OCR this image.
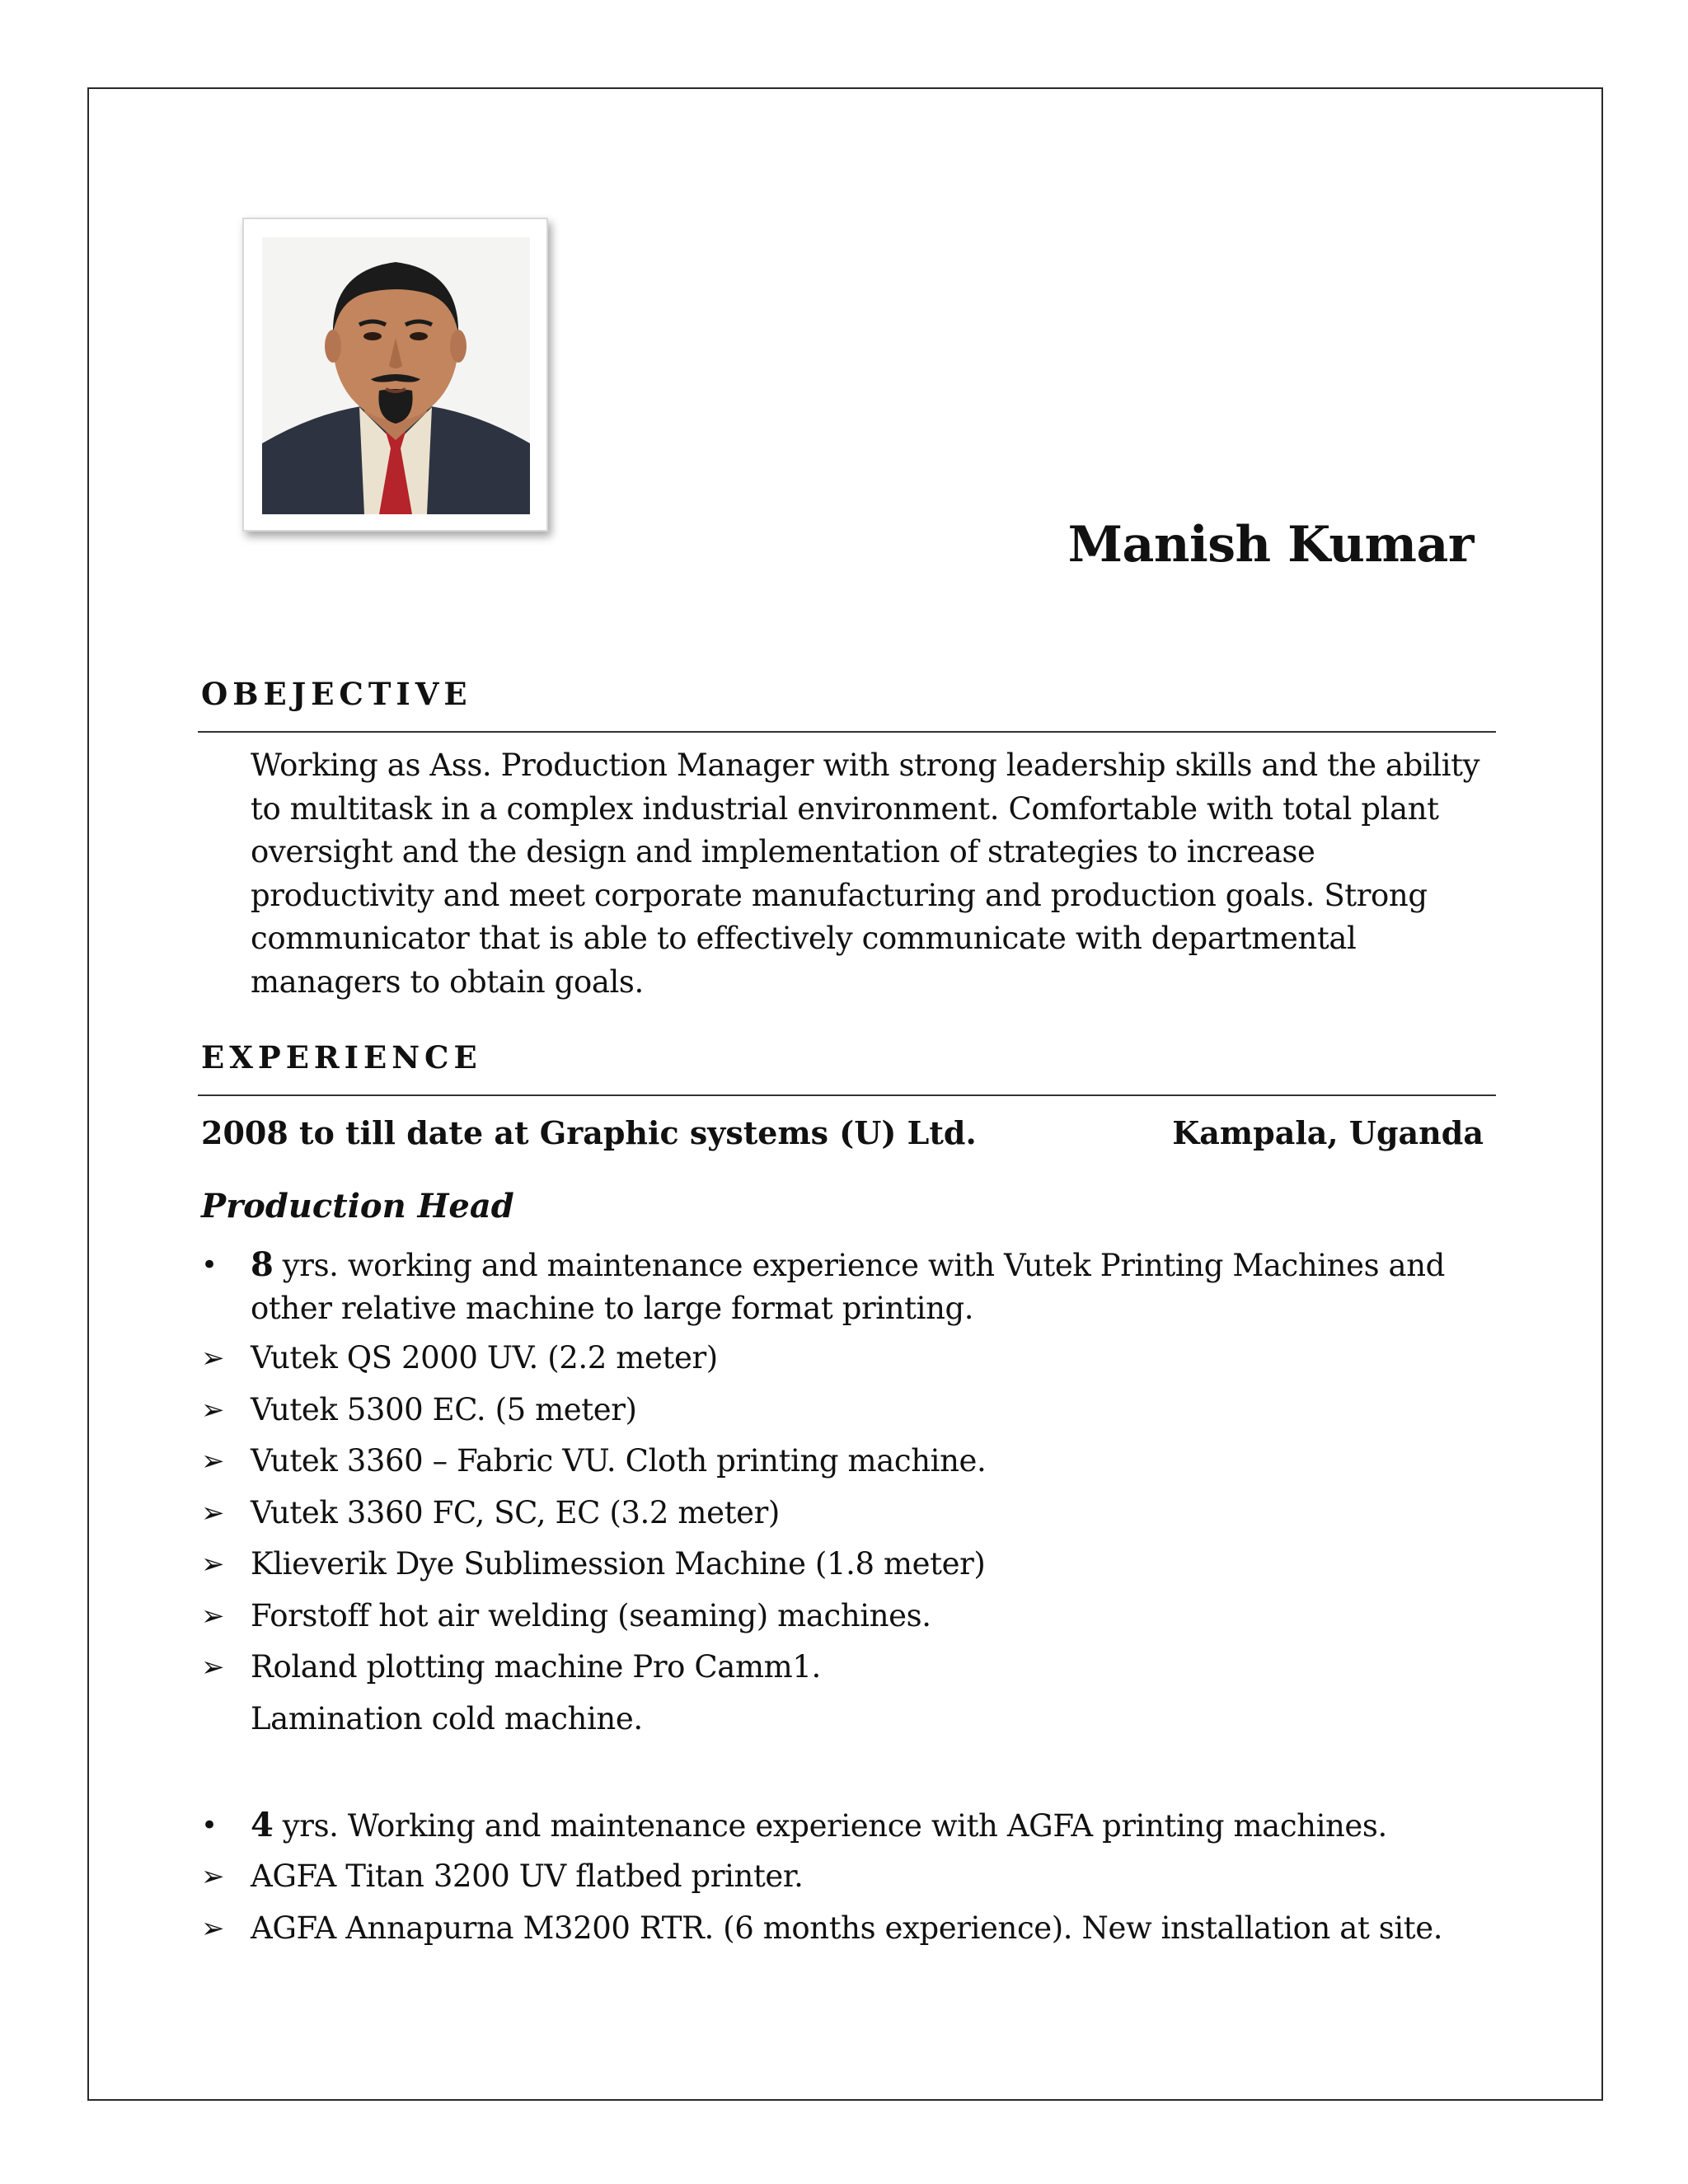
Manish Kumar
OBEJECTIVE

Working as Ass. Production Manager with strong leadership skills and the ability to multitask in a complex industrial environment. Comfortable with total plant oversight and the design and implementation of strategies to increase productivity and meet corporate manufacturing and production goals. Strong communicator that is able to effectively communicate with departmental managers to obtain goals.

EXPERIENCE
2008 to till date at Graphic systems (U) Ltd.	Kampala, Uganda
Production Head
•	8 yrs. working and maintenance experience with Vutek Printing Machines and other relative machine to large format printing.
➢ Vutek QS 2000 UV. (2.2 meter)
➢ Vutek 5300 EC. (5 meter)
➢ Vutek 3360 – Fabric VU. Cloth printing machine.
➢ Vutek 3360 FC, SC, EC (3.2 meter)
➢ Klieverik Dye Sublimession Machine (1.8 meter)
➢ Forstoff hot air welding (seaming) machines.
➢ Roland plotting machine Pro Camm1.
Lamination cold machine.
•	4 yrs. Working and maintenance experience with AGFA printing machines.
➢ AGFA Titan 3200 UV flatbed printer.
➢ AGFA Annapurna M3200 RTR. (6 months experience). New installation at site.
